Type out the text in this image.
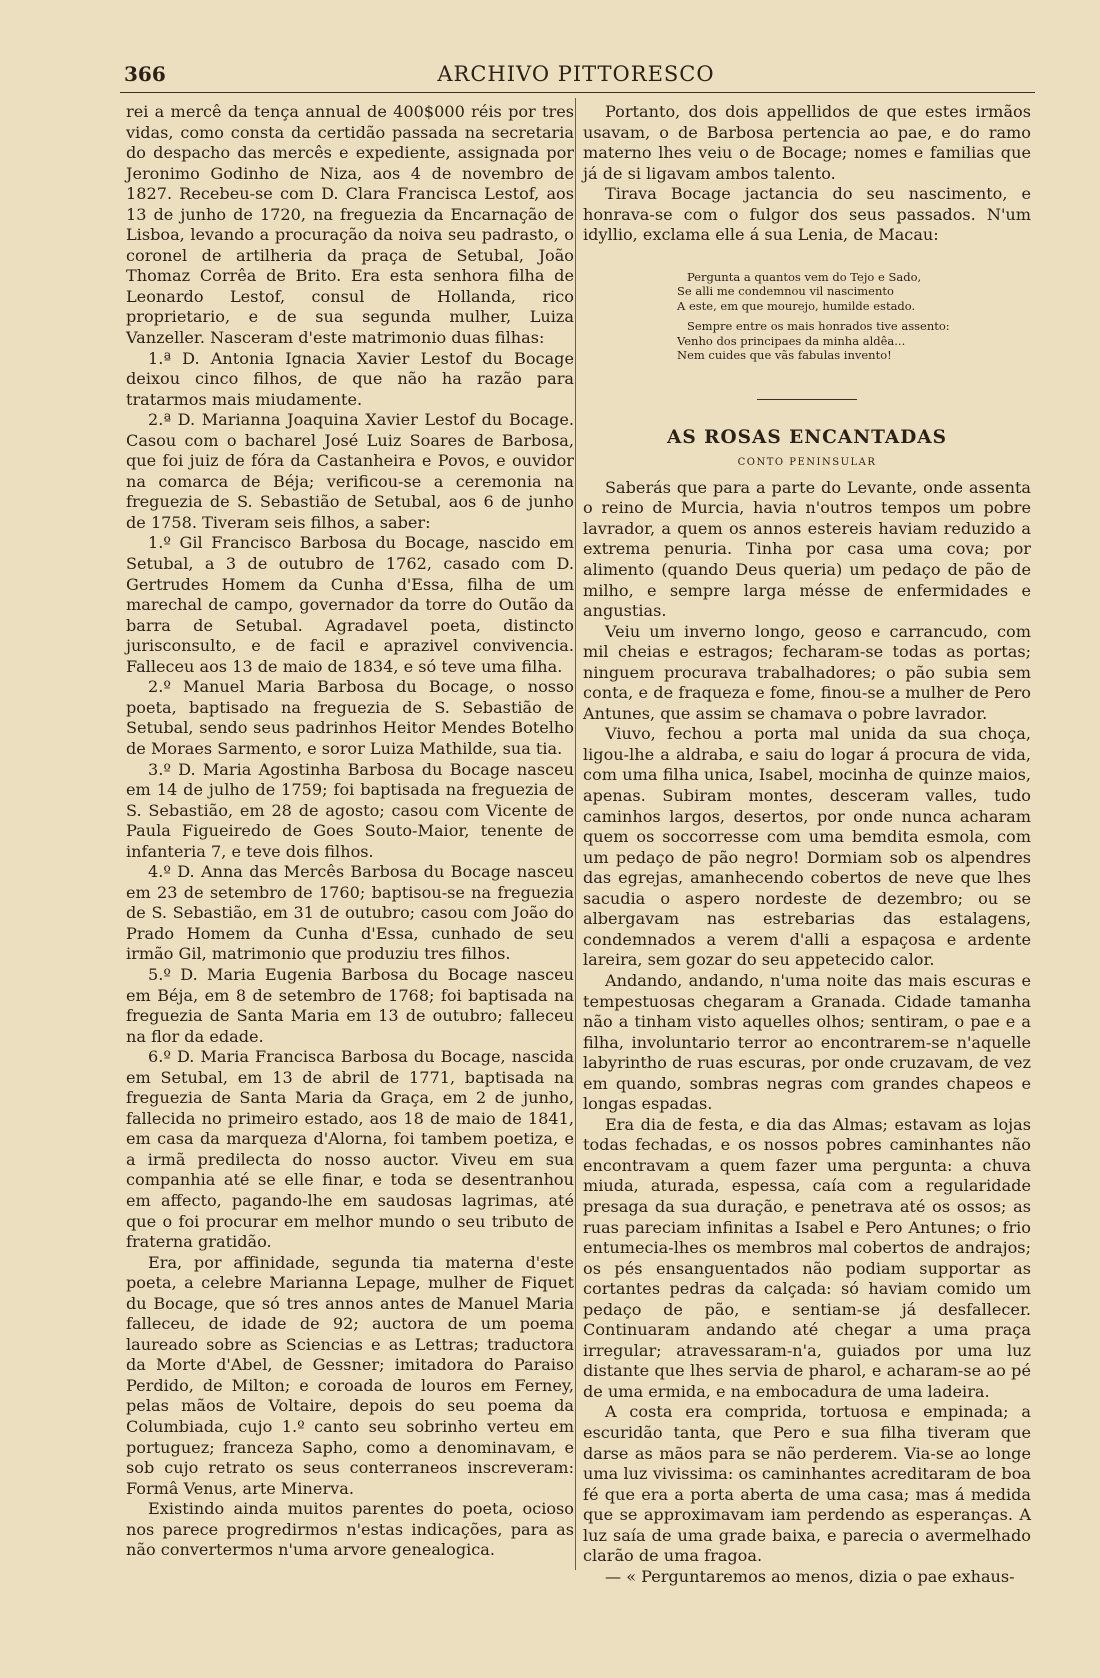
366	ARCHIVO PITTORESCO

rei a mercê da tença annual de 400$000 réis por tres vidas, como consta da certidão passada na secretaria do despacho das mercês e expediente, assignada por Jeronimo Godinho de Niza, aos 4 de novembro de 1827. Recebeu-se com D. Clara Francisca Lestof, aos 13 de junho de 1720, na freguezia da Encarnação de Lisboa, levando a procuração da noiva seu padrasto, o coronel de artilheria da praça de Setubal, João Thomaz Corrêa de Brito. Era esta senhora filha de Leonardo Lestof, consul de Hollanda, rico proprietario, e de sua segunda mulher, Luiza Vanzeller. Nasceram d'este matrimonio duas filhas:

1.ª D. Antonia Ignacia Xavier Lestof du Bocage deixou cinco filhos, de que não ha razão para tratarmos mais miudamente.

2.ª D. Marianna Joaquina Xavier Lestof du Bocage. Casou com o bacharel José Luiz Soares de Barbosa, que foi juiz de fóra da Castanheira e Povos, e ouvidor na comarca de Béja; verificou-se a ceremonia na freguezia de S. Sebastião de Setubal, aos 6 de junho de 1758. Tiveram seis filhos, a saber:

1.º Gil Francisco Barbosa du Bocage, nascido em Setubal, a 3 de outubro de 1762, casado com D. Gertrudes Homem da Cunha d'Essa, filha de um marechal de campo, governador da torre do Outão da barra de Setubal. Agradavel poeta, distincto jurisconsulto, e de facil e aprazivel convivencia. Falleceu aos 13 de maio de 1834, e só teve uma filha.

2.º Manuel Maria Barbosa du Bocage, o nosso poeta, baptisado na freguezia de S. Sebastião de Setubal, sendo seus padrinhos Heitor Mendes Botelho de Moraes Sarmento, e soror Luiza Mathilde, sua tia.

3.º D. Maria Agostinha Barbosa du Bocage nasceu em 14 de julho de 1759; foi baptisada na freguezia de S. Sebastião, em 28 de agosto; casou com Vicente de Paula Figueiredo de Goes Souto-Maior, tenente de infanteria 7, e teve dois filhos.

4.º D. Anna das Mercês Barbosa du Bocage nasceu em 23 de setembro de 1760; baptisou-se na freguezia de S. Sebastião, em 31 de outubro; casou com João do Prado Homem da Cunha d'Essa, cunhado de seu irmão Gil, matrimonio que produziu tres filhos.

5.º D. Maria Eugenia Barbosa du Bocage nasceu em Béja, em 8 de setembro de 1768; foi baptisada na freguezia de Santa Maria em 13 de outubro; falleceu na flor da edade.

6.º D. Maria Francisca Barbosa du Bocage, nascida em Setubal, em 13 de abril de 1771, baptisada na freguezia de Santa Maria da Graça, em 2 de junho, fallecida no primeiro estado, aos 18 de maio de 1841, em casa da marqueza d'Alorna, foi tambem poetiza, e a irmã predilecta do nosso auctor. Viveu em sua companhia até se elle finar, e toda se desentranhou em affecto, pagando-lhe em saudosas lagrimas, até que o foi procurar em melhor mundo o seu tributo de fraterna gratidão.

Era, por affinidade, segunda tia materna d'este poeta, a celebre Marianna Lepage, mulher de Fiquet du Bocage, que só tres annos antes de Manuel Maria falleceu, de idade de 92; auctora de um poema laureado sobre as Sciencias e as Lettras; traductora da Morte d'Abel, de Gessner; imitadora do Paraiso Perdido, de Milton; e coroada de louros em Ferney, pelas mãos de Voltaire, depois do seu poema da Columbiada, cujo 1.º canto seu sobrinho verteu em portuguez; franceza Sapho, como a denominavam, e sob cujo retrato os seus conterraneos inscreveram: Formâ Venus, arte Minerva.

Existindo ainda muitos parentes do poeta, ocioso nos parece progredirmos n'estas indicações, para as não convertermos n'uma arvore genealogica.

Portanto, dos dois appellidos de que estes irmãos usavam, o de Barbosa pertencia ao pae, e do ramo materno lhes veiu o de Bocage; nomes e familias que já de si ligavam ambos talento.

Tirava Bocage jactancia do seu nascimento, e honrava-se com o fulgor dos seus passados. N'um idyllio, exclama elle á sua Lenia, de Macau:

Pergunta a quantos vem do Tejo e Sado,

Se alli me condemnou vil nascimento

A este, em que mourejo, humilde estado.

Sempre entre os mais honrados tive assento:

Venho dos principaes da minha aldêa...

Nem cuides que vãs fabulas invento!

AS ROSAS ENCANTADAS
CONTO PENINSULAR

Saberás que para a parte do Levante, onde assenta o reino de Murcia, havia n'outros tempos um pobre lavrador, a quem os annos estereis haviam reduzido a extrema penuria. Tinha por casa uma cova; por alimento (quando Deus queria) um pedaço de pão de milho, e sempre larga mésse de enfermidades e angustias.

Veiu um inverno longo, geoso e carrancudo, com mil cheias e estragos; fecharam-se todas as portas; ninguem procurava trabalhadores; o pão subia sem conta, e de fraqueza e fome, finou-se a mulher de Pero Antunes, que assim se chamava o pobre lavrador.

Viuvo, fechou a porta mal unida da sua choça, ligou-lhe a aldraba, e saiu do logar á procura de vida, com uma filha unica, Isabel, mocinha de quinze maios, apenas. Subiram montes, desceram valles, tudo caminhos largos, desertos, por onde nunca acharam quem os soccorresse com uma bemdita esmola, com um pedaço de pão negro! Dormiam sob os alpendres das egrejas, amanhecendo cobertos de neve que lhes sacudia o aspero nordeste de dezembro; ou se albergavam nas estrebarias das estalagens, condemnados a verem d'alli a espaçosa e ardente lareira, sem gozar do seu appetecido calor.

Andando, andando, n'uma noite das mais escuras e tempestuosas chegaram a Granada. Cidade tamanha não a tinham visto aquelles olhos; sentiram, o pae e a filha, involuntario terror ao encontrarem-se n'aquelle labyrintho de ruas escuras, por onde cruzavam, de vez em quando, sombras negras com grandes chapeos e longas espadas.

Era dia de festa, e dia das Almas; estavam as lojas todas fechadas, e os nossos pobres caminhantes não encontravam a quem fazer uma pergunta: a chuva miuda, aturada, espessa, caía com a regularidade presaga da sua duração, e penetrava até os ossos; as ruas pareciam infinitas a Isabel e Pero Antunes; o frio entumecia-lhes os membros mal cobertos de andrajos; os pés ensanguentados não podiam supportar as cortantes pedras da calçada: só haviam comido um pedaço de pão, e sentiam-se já desfallecer. Continuaram andando até chegar a uma praça irregular; atravessaram-n'a, guiados por uma luz distante que lhes servia de pharol, e acharam-se ao pé de uma ermida, e na embocadura de uma ladeira.

A costa era comprida, tortuosa e empinada; a escuridão tanta, que Pero e sua filha tiveram que darse as mãos para se não perderem. Via-se ao longe uma luz vivissima: os caminhantes acreditaram de boa fé que era a porta aberta de uma casa; mas á medida que se approximavam iam perdendo as esperanças. A luz saía de uma grade baixa, e parecia o avermelhado clarão de uma fragoa.

— « Perguntaremos ao menos, dizia o pae exhaus-
